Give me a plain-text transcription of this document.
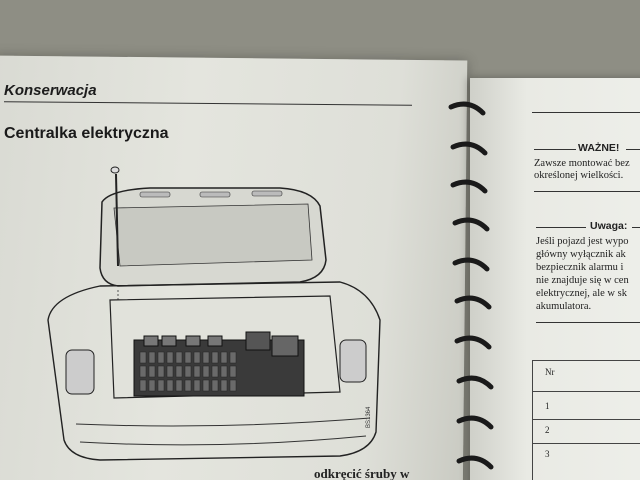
Konserwacja
Centralka elektryczna
BS1364
odkręcić śruby w
WAŻNE!
Zawsze montować bez
określonej wielkości.
Uwaga:
Jeśli pojazd jest wypo
główny wyłącznik ak
bezpiecznik alarmu i
nie znajduje się w cen
elektrycznej, ale w sk
akumulatora.
Nr
1
2
3
